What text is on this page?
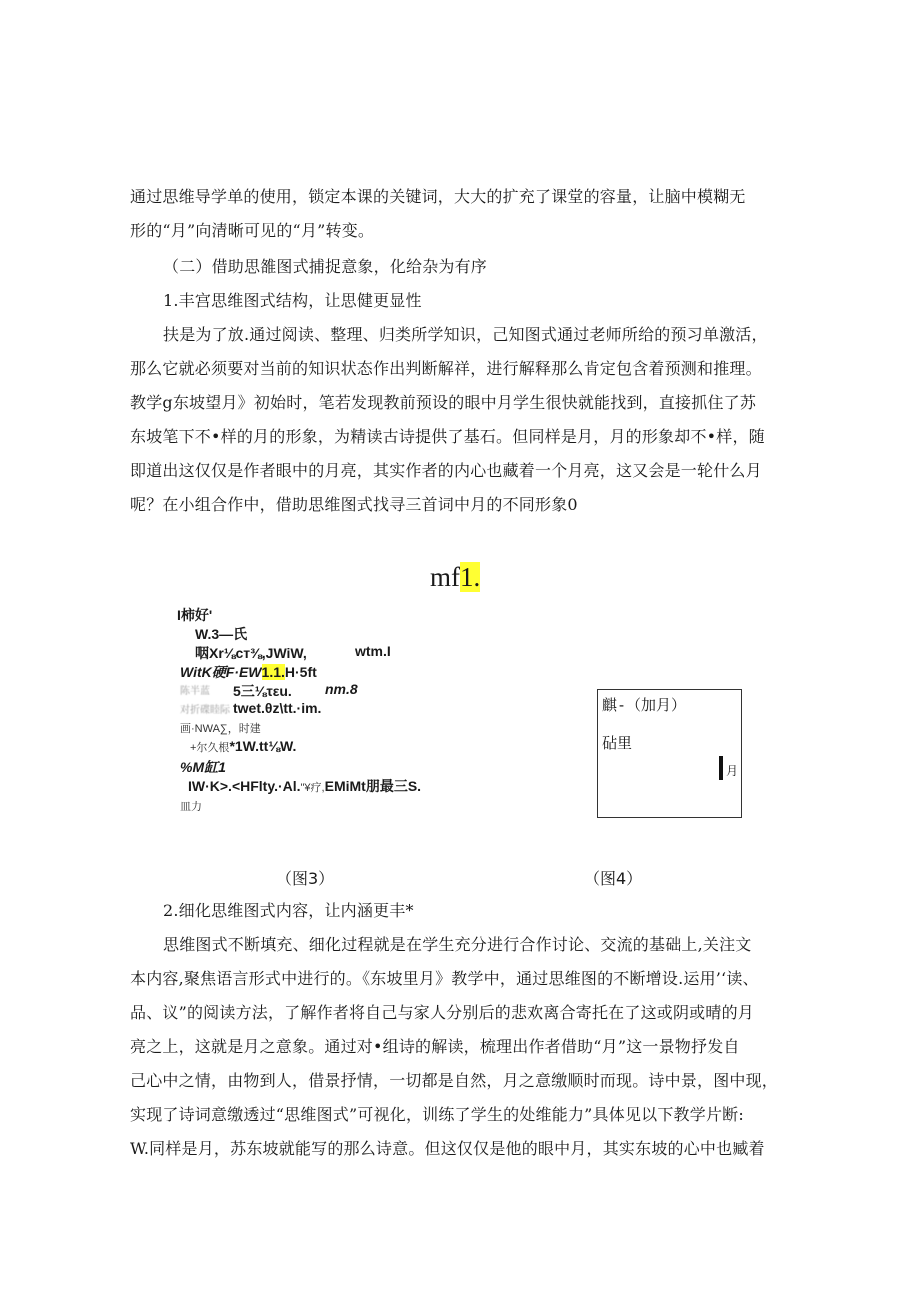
通过思维导学单的使用，锁定本课的关键词，大大的扩充了课堂的容量，让脑中模糊无
形的“月”向清晰可见的“月”转变。
（二）借助思雒图式捕捉意象，化给杂为有序
1.丰宫思维图式结构，让思健更显性
扶是为了放.通过阅读、整理、归类所学知识，己知图式通过老师所给的预习单激活，
那么它就必须要对当前的知识状态作出判断解祥，进行解释那么肯定包含着预测和推理。
教学g东坡望月》初始时，笔若发现教前预设的眼中月学生很快就能找到，直接抓住了苏
东坡笔下不•样的月的形象，为精读古诗提供了基石。但同样是月，月的形象却不•样，随
即道出这仅仅是作者眼中的月亮，其实作者的内心也藏着一个月亮，这又会是一轮什么月
呢？在小组合作中，借助思维图式找寻三首词中月的不同形象0
mf1.
I柿好'
W.3—氏
咽Xr⅛cт⅜,JWiW,	wtm.I
WitK硬F·EW1.1.H·5ft
陈半蓝 5三⅛τεu. nm.8
对折碟睦际 twet.θz\tt.·im.
画·NWA∑，时建
+尔久根*1W.tt⅛W.
%M缸1
IW·K>.<HFlty.·Al."¥疗,EMiMt朋最三S.
皿力
麒-（加月）
砧里
月
（图3）	（图4）
2.细化思维图式内容，让内涵更丰*
思维图式不断填充、细化过程就是在学生充分进行合作讨论、交流的基础上,关注文
本内容,聚焦语言形式中进行的。《东坡里月》教学中，通过思维图的不断增设.运用’‘读、
品、议”的阅读方法，了解作者将自己与家人分别后的悲欢离合寄托在了这或阴或晴的月
亮之上，这就是月之意象。通过对•组诗的解读，梳理出作者借助“月”这一景物抒发自
己心中之情，由物到人，借景抒情，一切都是自然，月之意缴顺时而现。诗中景，图中现，
实现了诗词意缴透过“思维图式”可视化，训练了学生的处维能力”具体见以下教学片断:
W.同样是月，苏东坡就能写的那么诗意。但这仅仅是他的眼中月，其实东坡的心中也臧着
